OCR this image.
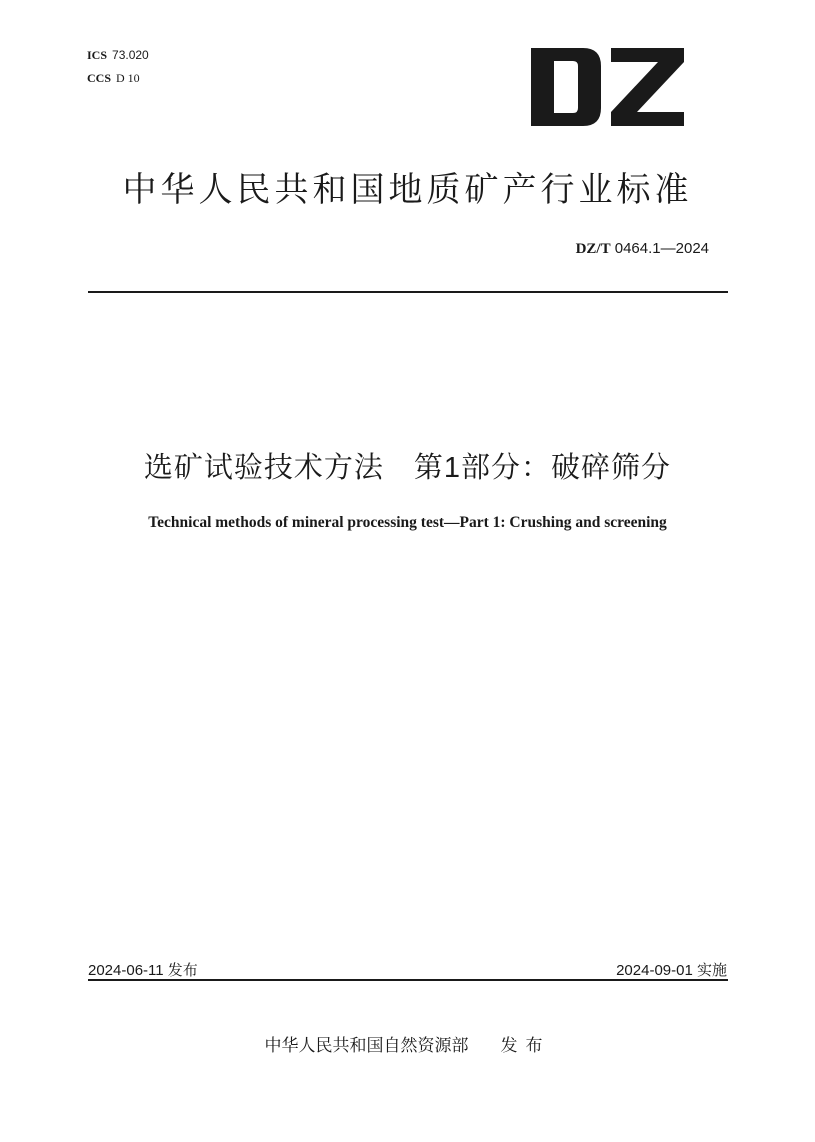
ICS 73.020
CCS D 10
中华人民共和国地质矿产行业标准
DZ/T 0464.1—2024
选矿试验技术方法　第1部分：破碎筛分
Technical methods of mineral processing test—Part 1: Crushing and screening
2024-06-11 发布	2024-09-01 实施
中华人民共和国自然资源部 发布
